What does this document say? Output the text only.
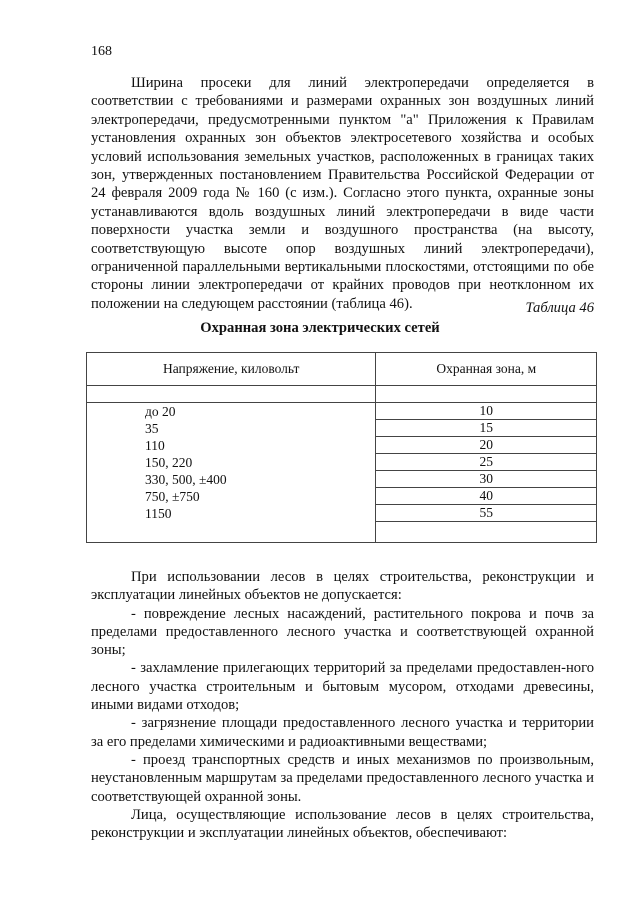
168

Ширина просеки для линий электропередачи определяется в соответствии с требованиями и размерами охранных зон воздушных линий электропередачи, предусмотренными пунктом "а" Приложения к Правилам установления охранных зон объектов электросетевого хозяйства и особых условий использования земельных участков, расположенных в границах таких зон, утвержденных постановлением Правительства Российской Федерации от 24 февраля 2009 года № 160 (с изм.). Согласно этого пункта, охранные зоны устанавливаются вдоль воздушных линий электропередачи в виде части поверхности участка земли и воздушного пространства (на высоту, соответствующую высоте опор воздушных линий электропередачи), ограниченной параллельными вертикальными плоскостями, отстоящими по обе стороны линии электропередачи от крайних проводов при неотклонном их положении на следующем расстоянии (таблица 46).	Таблица 46
Охранная зона электрических сетей
Напряжение, киловольт	Охранная зона, м

до 20	10
35	15
110	20
150, 220	25
330, 500, ±400	30
750, ±750	40
1150	55

При использовании лесов в целях строительства, реконструкции и эксплуатации линейных объектов не допускается:

- повреждение лесных насаждений, растительного покрова и почв за пределами предоставленного лесного участка и соответствующей охранной зоны;

- захламление прилегающих территорий за пределами предоставлен-ного лесного участка строительным и бытовым мусором, отходами древесины, иными видами отходов;

- загрязнение площади предоставленного лесного участка и территории за его пределами химическими и радиоактивными веществами;

- проезд транспортных средств и иных механизмов по произвольным, неустановленным маршрутам за пределами предоставленного лесного участка и соответствующей охранной зоны.

Лица, осуществляющие использование лесов в целях строительства, реконструкции и эксплуатации линейных объектов, обеспечивают:
